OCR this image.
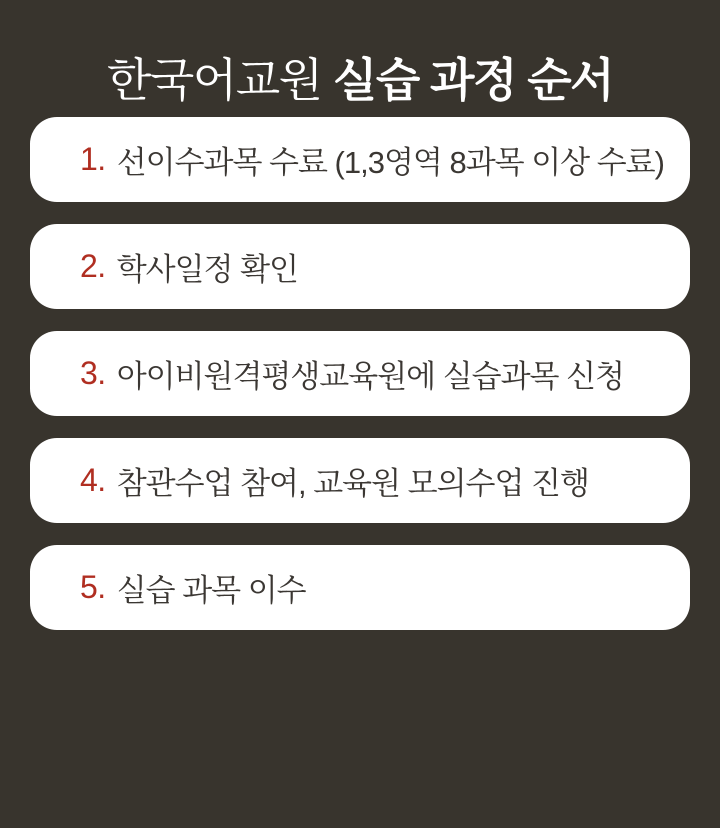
한국어교원 실습 과정 순서
1. 선이수과목 수료 (1,3영역 8과목 이상 수료)
2. 학사일정 확인
3. 아이비원격평생교육원에 실습과목 신청
4. 참관수업 참여, 교육원 모의수업 진행
5. 실습 과목 이수
